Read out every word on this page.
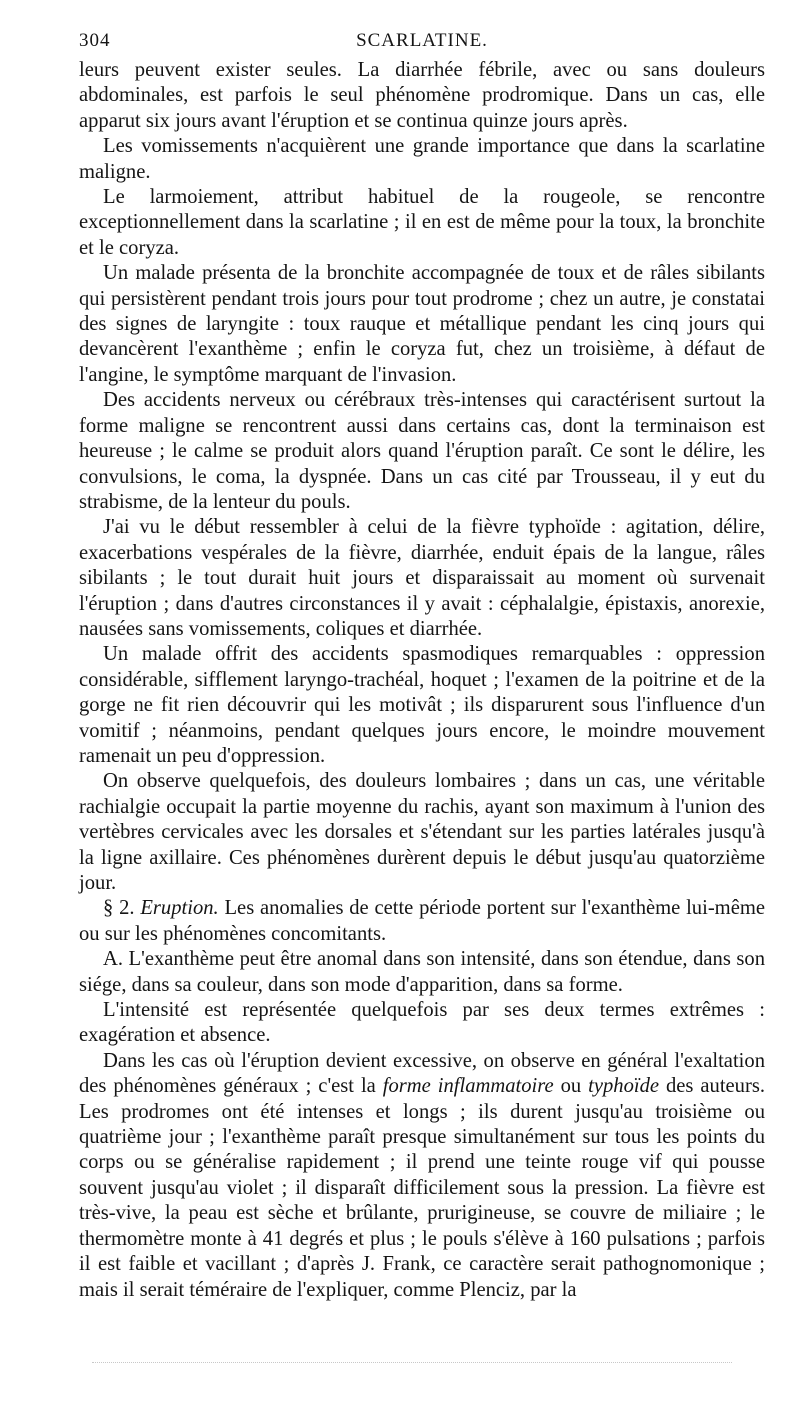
304	SCARLATINE.

leurs peuvent exister seules. La diarrhée fébrile, avec ou sans douleurs abdominales, est parfois le seul phénomène prodromique. Dans un cas, elle apparut six jours avant l'éruption et se continua quinze jours après.

Les vomissements n'acquièrent une grande importance que dans la scarlatine maligne.

Le larmoiement, attribut habituel de la rougeole, se rencontre exceptionnellement dans la scarlatine ; il en est de même pour la toux, la bronchite et le coryza.

Un malade présenta de la bronchite accompagnée de toux et de râles sibilants qui persistèrent pendant trois jours pour tout prodrome ; chez un autre, je constatai des signes de laryngite : toux rauque et métallique pendant les cinq jours qui devancèrent l'exanthème ; enfin le coryza fut, chez un troisième, à défaut de l'angine, le symptôme marquant de l'invasion.

Des accidents nerveux ou cérébraux très-intenses qui caractérisent surtout la forme maligne se rencontrent aussi dans certains cas, dont la terminaison est heureuse ; le calme se produit alors quand l'éruption paraît. Ce sont le délire, les convulsions, le coma, la dyspnée. Dans un cas cité par Trousseau, il y eut du strabisme, de la lenteur du pouls.

J'ai vu le début ressembler à celui de la fièvre typhoïde : agitation, délire, exacerbations vespérales de la fièvre, diarrhée, enduit épais de la langue, râles sibilants ; le tout durait huit jours et disparaissait au moment où survenait l'éruption ; dans d'autres circonstances il y avait : céphalalgie, épistaxis, anorexie, nausées sans vomissements, coliques et diarrhée.

Un malade offrit des accidents spasmodiques remarquables : oppression considérable, sifflement laryngo-trachéal, hoquet ; l'examen de la poitrine et de la gorge ne fit rien découvrir qui les motivât ; ils disparurent sous l'influence d'un vomitif ; néanmoins, pendant quelques jours encore, le moindre mouvement ramenait un peu d'oppression.

On observe quelquefois, des douleurs lombaires ; dans un cas, une véritable rachialgie occupait la partie moyenne du rachis, ayant son maximum à l'union des vertèbres cervicales avec les dorsales et s'étendant sur les parties latérales jusqu'à la ligne axillaire. Ces phénomènes durèrent depuis le début jusqu'au quatorzième jour.

§ 2. Eruption. Les anomalies de cette période portent sur l'exanthème lui-même ou sur les phénomènes concomitants.

A. L'exanthème peut être anomal dans son intensité, dans son étendue, dans son siége, dans sa couleur, dans son mode d'apparition, dans sa forme.

L'intensité est représentée quelquefois par ses deux termes extrêmes : exagération et absence.

Dans les cas où l'éruption devient excessive, on observe en général l'exaltation des phénomènes généraux ; c'est la forme inflammatoire ou typhoïde des auteurs. Les prodromes ont été intenses et longs ; ils durent jusqu'au troisième ou quatrième jour ; l'exanthème paraît presque simultanément sur tous les points du corps ou se généralise rapidement ; il prend une teinte rouge vif qui pousse souvent jusqu'au violet ; il disparaît difficilement sous la pression. La fièvre est très-vive, la peau est sèche et brûlante, prurigineuse, se couvre de miliaire ; le thermomètre monte à 41 degrés et plus ; le pouls s'élève à 160 pulsations ; parfois il est faible et vacillant ; d'après J. Frank, ce caractère serait pathognomonique ; mais il serait téméraire de l'expliquer, comme Plenciz, par la
